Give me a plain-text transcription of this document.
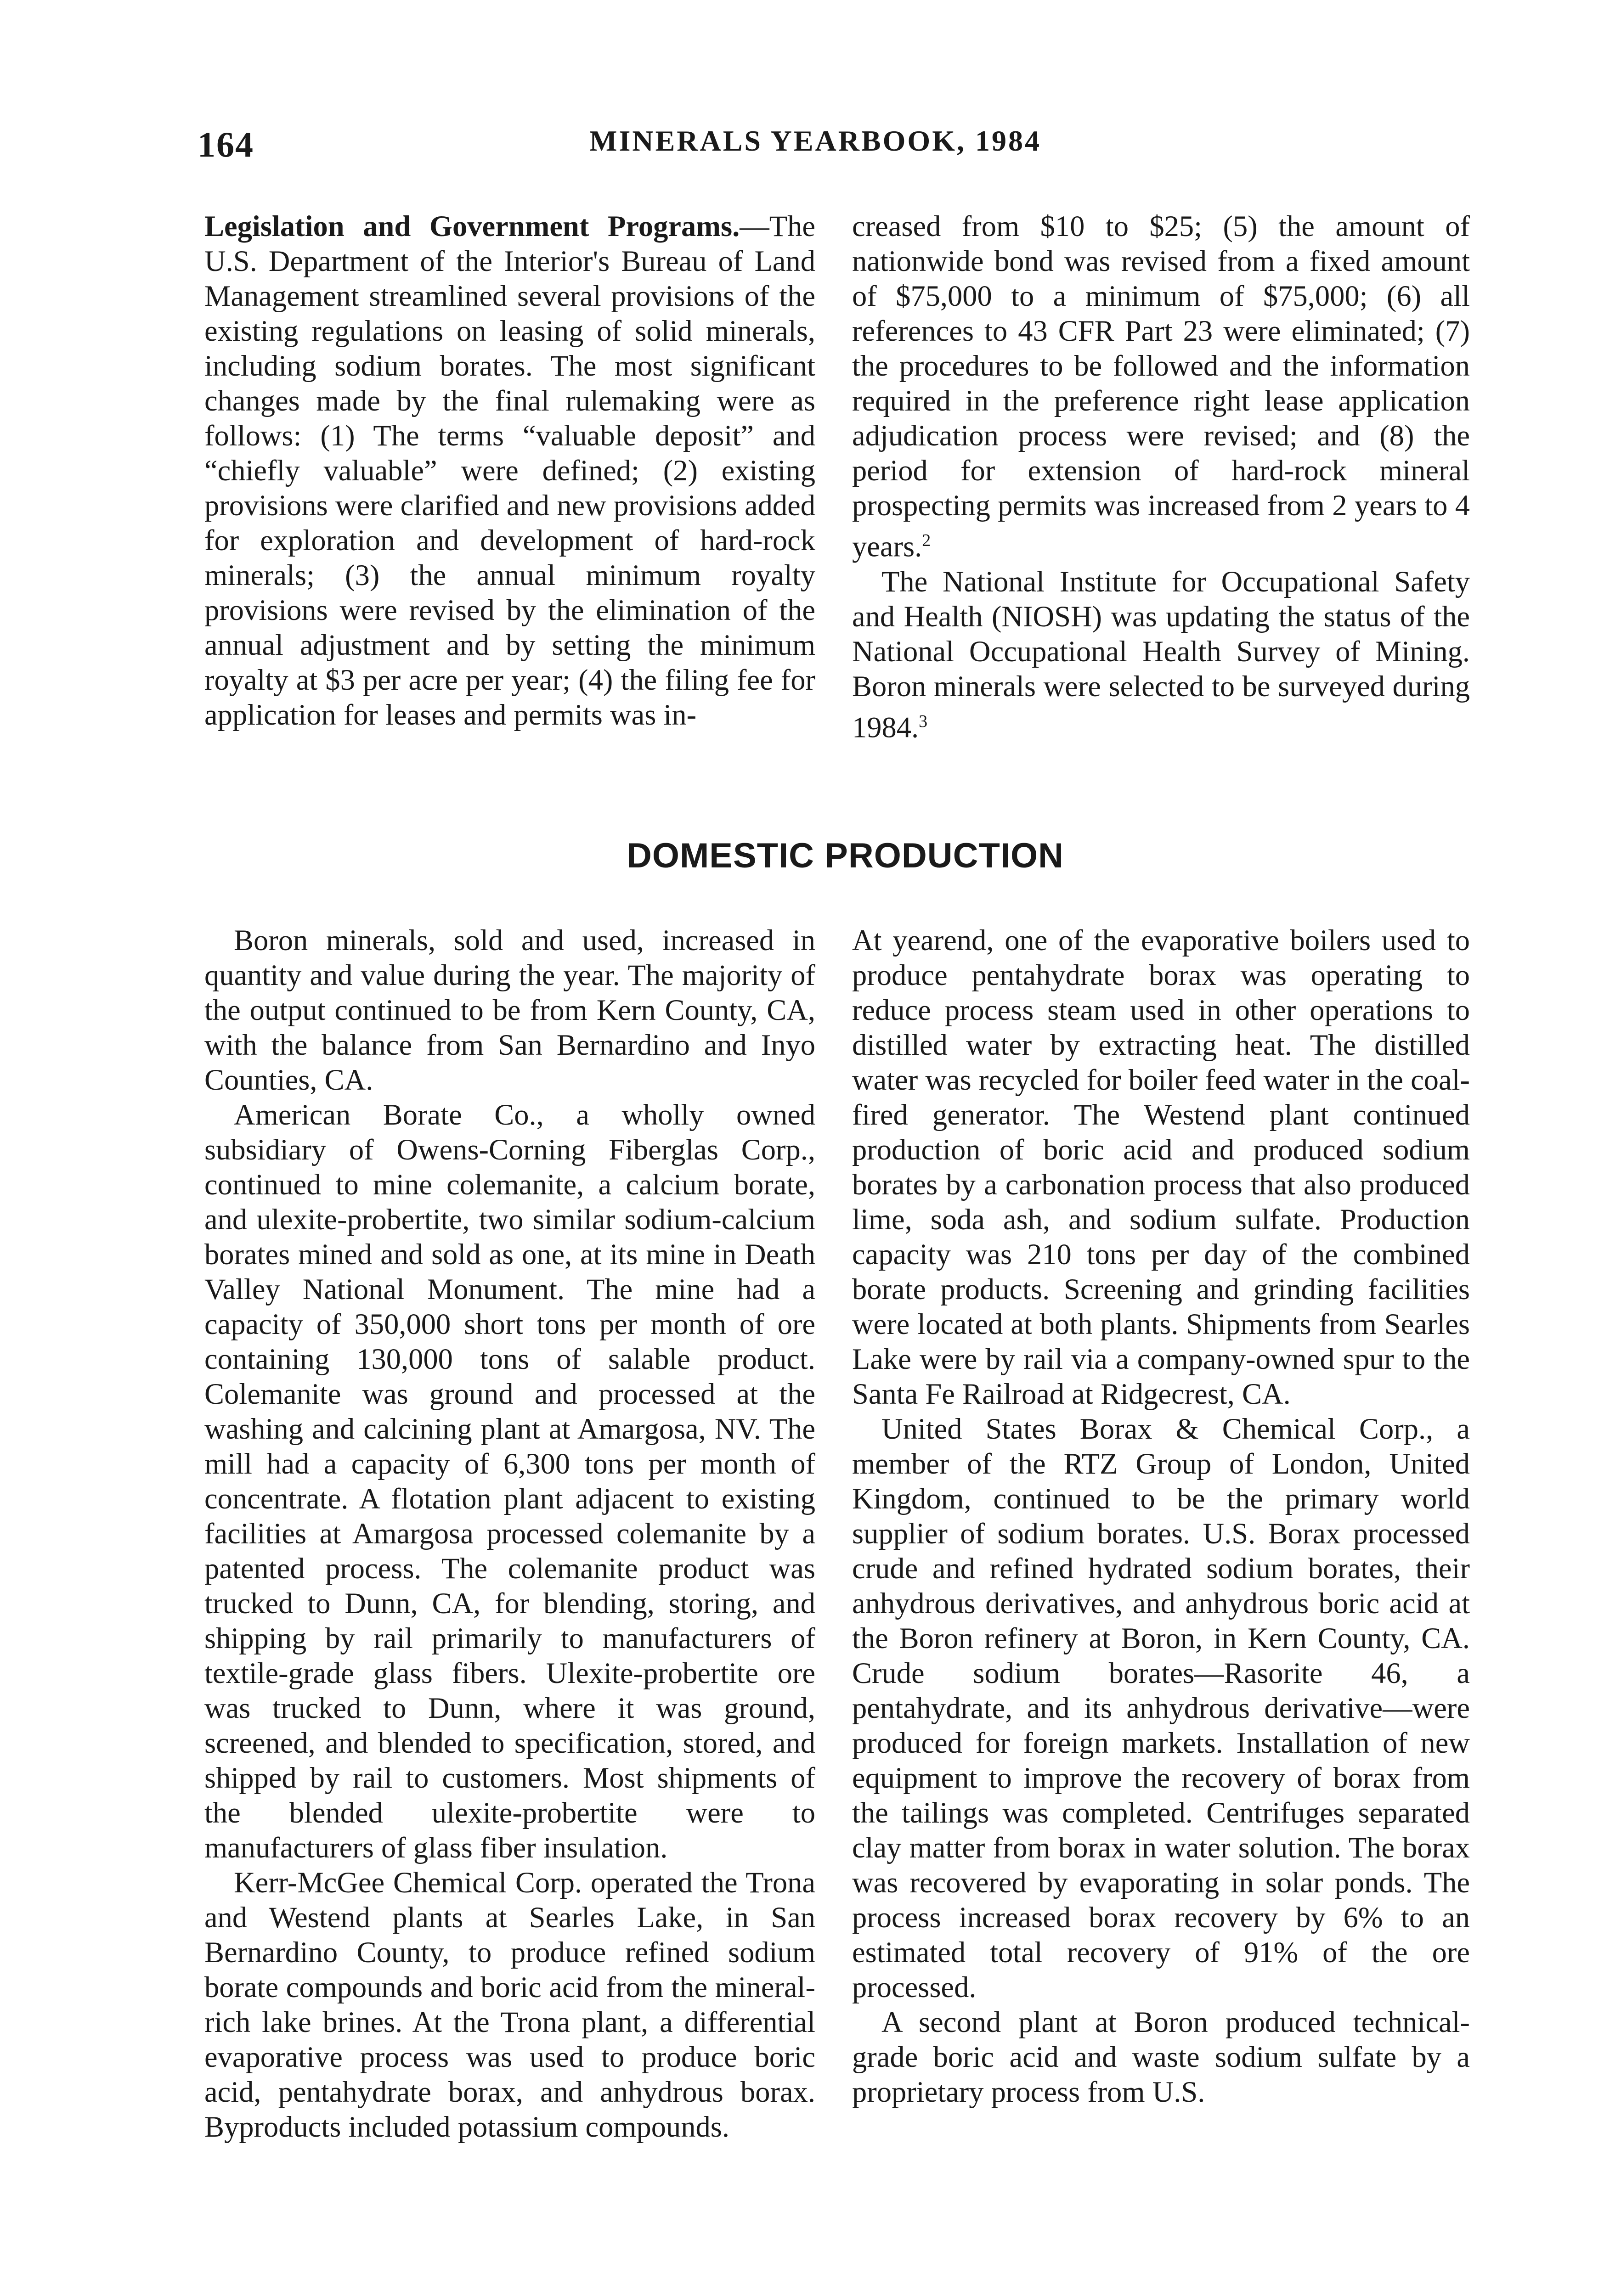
164	MINERALS YEARBOOK, 1984

Legislation and Government Programs.—The U.S. Department of the Interior's Bureau of Land Management streamlined several provisions of the existing regulations on leasing of solid minerals, including sodium borates. The most significant changes made by the final rulemaking were as follows: (1) The terms “valuable deposit” and “chiefly valuable” were defined; (2) existing provisions were clarified and new provisions added for exploration and development of hard-rock minerals; (3) the annual minimum royalty provisions were revised by the elimination of the annual adjustment and by setting the minimum royalty at $3 per acre per year; (4) the filing fee for application for leases and permits was in-

creased from $10 to $25; (5) the amount of nationwide bond was revised from a fixed amount of $75,000 to a minimum of $75,000; (6) all references to 43 CFR Part 23 were eliminated; (7) the procedures to be followed and the information required in the preference right lease application adjudication process were revised; and (8) the period for extension of hard-rock mineral prospecting permits was increased from 2 years to 4 years.$^2$

The National Institute for Occupational Safety and Health (NIOSH) was updating the status of the National Occupational Health Survey of Mining. Boron minerals were selected to be surveyed during 1984.$^3$

DOMESTIC PRODUCTION

Boron minerals, sold and used, increased in quantity and value during the year. The majority of the output continued to be from Kern County, CA, with the balance from San Bernardino and Inyo Counties, CA.

American Borate Co., a wholly owned subsidiary of Owens-Corning Fiberglas Corp., continued to mine colemanite, a calcium borate, and ulexite-probertite, two similar sodium-calcium borates mined and sold as one, at its mine in Death Valley National Monument. The mine had a capacity of 350,000 short tons per month of ore containing 130,000 tons of salable product. Colemanite was ground and processed at the washing and calcining plant at Amargosa, NV. The mill had a capacity of 6,300 tons per month of concentrate. A flotation plant adjacent to existing facilities at Amargosa processed colemanite by a patented process. The colemanite product was trucked to Dunn, CA, for blending, storing, and shipping by rail primarily to manufacturers of textile-grade glass fibers. Ulexite-probertite ore was trucked to Dunn, where it was ground, screened, and blended to specification, stored, and shipped by rail to customers. Most shipments of the blended ulexite-probertite were to manufacturers of glass fiber insulation.

Kerr-McGee Chemical Corp. operated the Trona and Westend plants at Searles Lake, in San Bernardino County, to produce refined sodium borate compounds and boric acid from the mineral-rich lake brines. At the Trona plant, a differential evaporative process was used to produce boric acid, pentahydrate borax, and anhydrous borax. Byproducts included potassium compounds.

At yearend, one of the evaporative boilers used to produce pentahydrate borax was operating to reduce process steam used in other operations to distilled water by extracting heat. The distilled water was recycled for boiler feed water in the coal-fired generator. The Westend plant continued production of boric acid and produced sodium borates by a carbonation process that also produced lime, soda ash, and sodium sulfate. Production capacity was 210 tons per day of the combined borate products. Screening and grinding facilities were located at both plants. Shipments from Searles Lake were by rail via a company-owned spur to the Santa Fe Railroad at Ridgecrest, CA.

United States Borax & Chemical Corp., a member of the RTZ Group of London, United Kingdom, continued to be the primary world supplier of sodium borates. U.S. Borax processed crude and refined hydrated sodium borates, their anhydrous derivatives, and anhydrous boric acid at the Boron refinery at Boron, in Kern County, CA. Crude sodium borates—Rasorite 46, a pentahydrate, and its anhydrous derivative—were produced for foreign markets. Installation of new equipment to improve the recovery of borax from the tailings was completed. Centrifuges separated clay matter from borax in water solution. The borax was recovered by evaporating in solar ponds. The process increased borax recovery by 6% to an estimated total recovery of 91% of the ore processed.

A second plant at Boron produced technical-grade boric acid and waste sodium sulfate by a proprietary process from U.S.
